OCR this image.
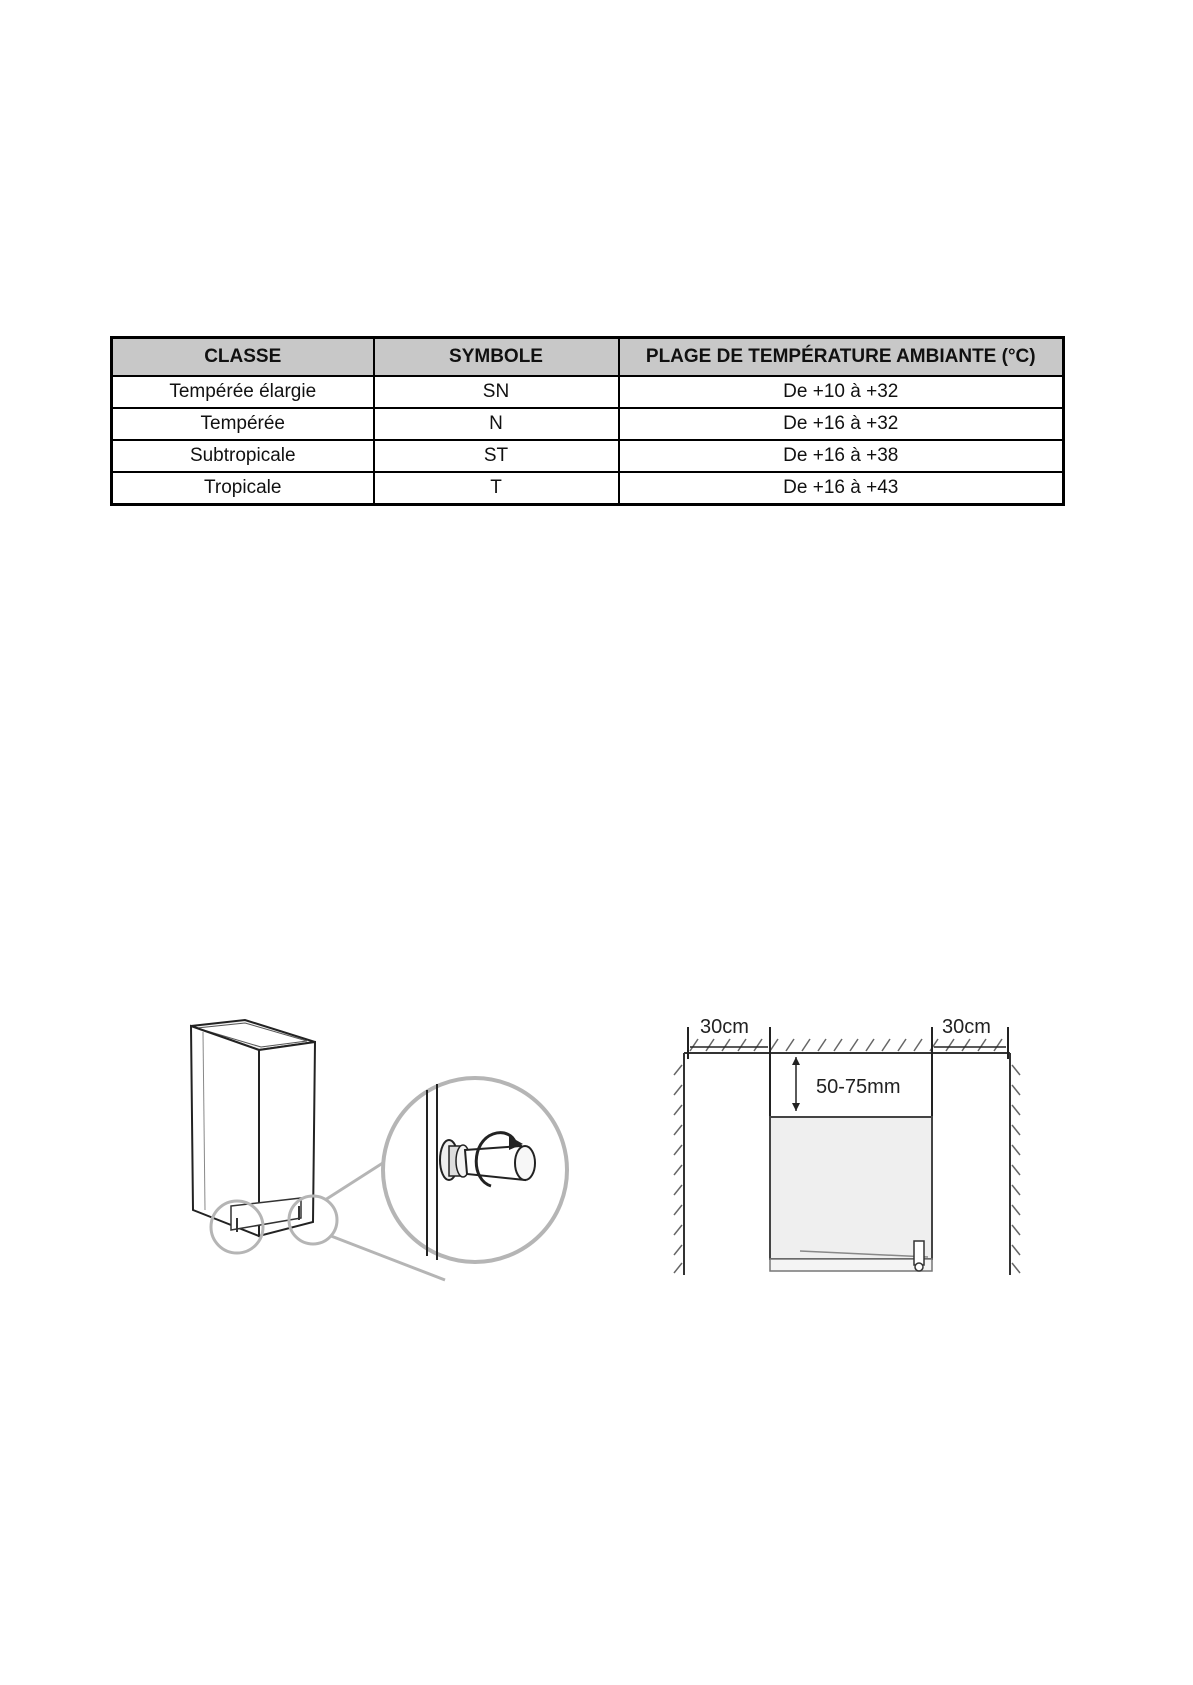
CLASSE	SYMBOLE	PLAGE DE TEMPÉRATURE AMBIANTE (°C)
Tempérée élargie	SN	De +10 à +32
Tempérée	N	De +16 à +32
Subtropicale	ST	De +16 à +38
Tropicale	T	De +16 à +43
30cm	30cm
50-75mm
